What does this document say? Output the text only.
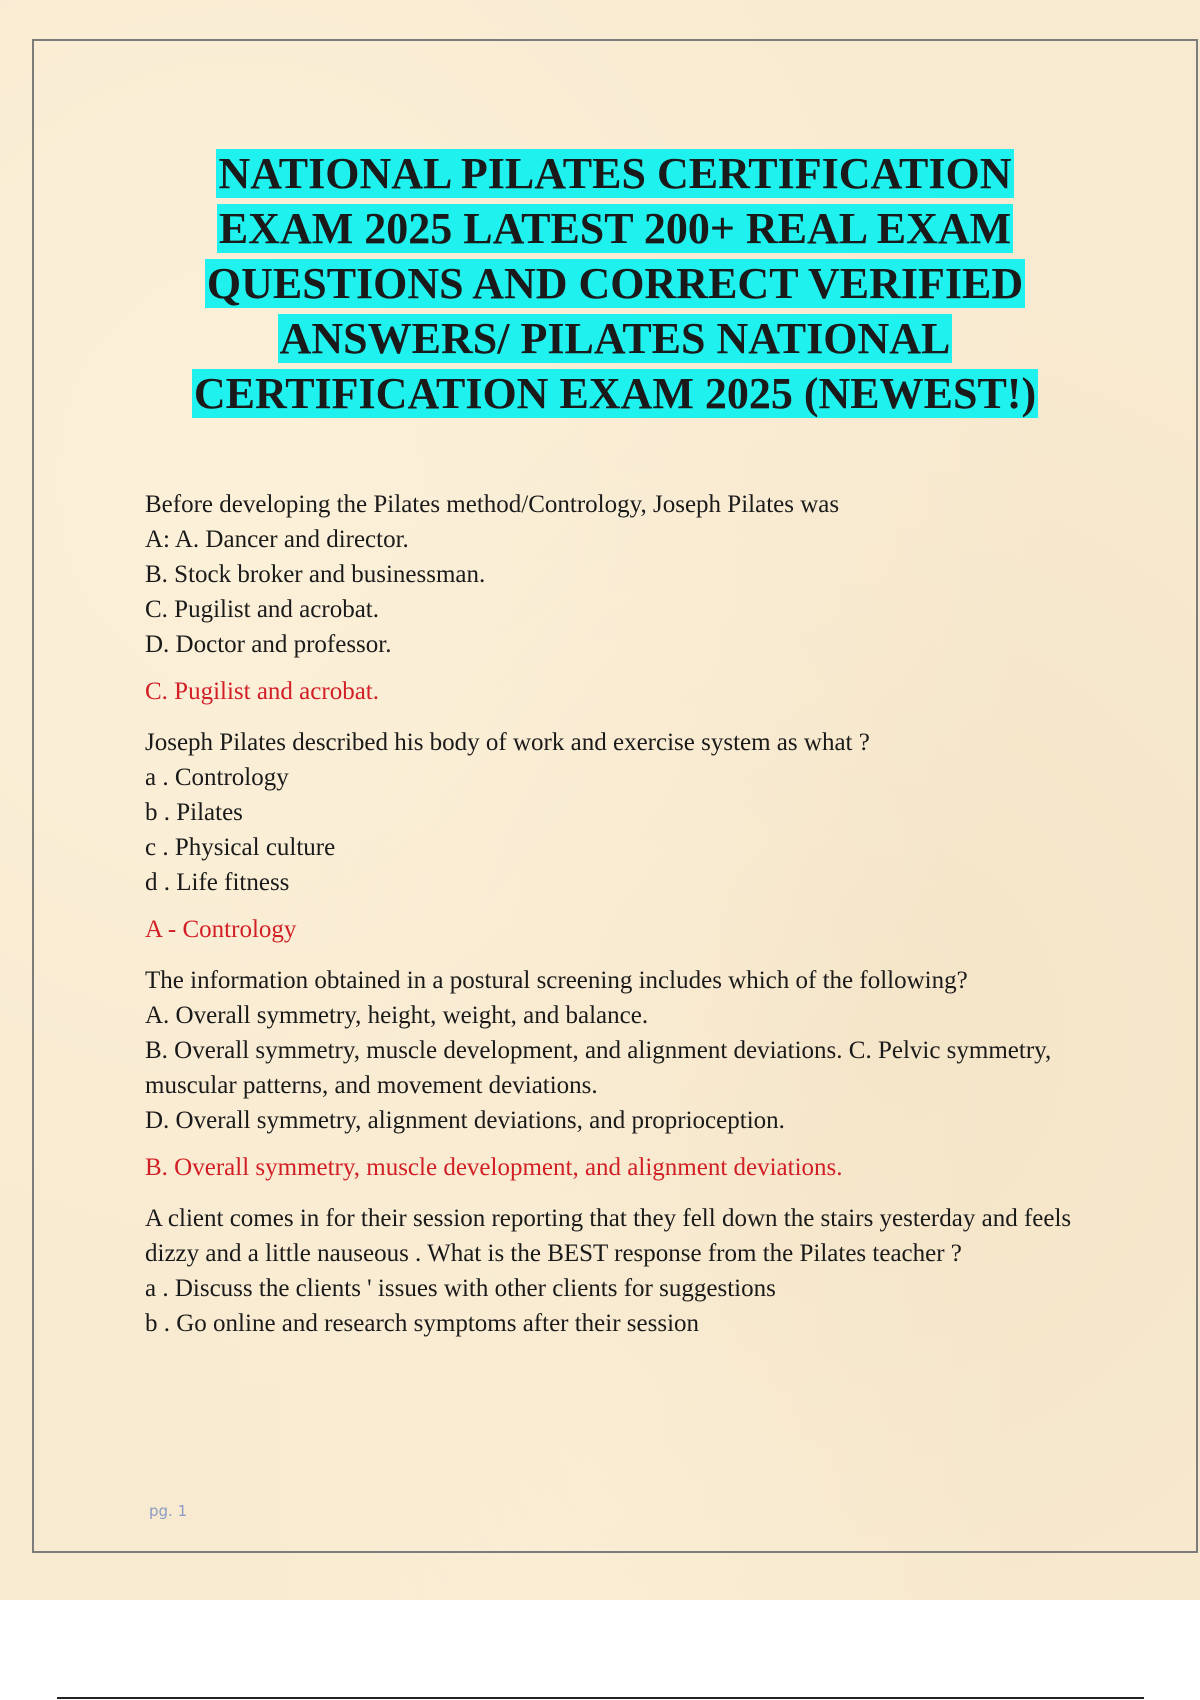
NATIONAL PILATES CERTIFICATION
EXAM 2025 LATEST 200+ REAL EXAM
QUESTIONS AND CORRECT VERIFIED
ANSWERS/ PILATES NATIONAL
CERTIFICATION EXAM 2025 (NEWEST!)

Before developing the Pilates method/Contrology, Joseph Pilates was

A: A. Dancer and director.

B. Stock broker and businessman.

C. Pugilist and acrobat.

D. Doctor and professor.

C. Pugilist and acrobat.

Joseph Pilates described his body of work and exercise system as what ?

a . Contrology

b . Pilates

c . Physical culture

d . Life fitness

A - Contrology

The information obtained in a postural screening includes which of the following?

A. Overall symmetry, height, weight, and balance.

B. Overall symmetry, muscle development, and alignment deviations. C. Pelvic symmetry, muscular patterns, and movement deviations.

D. Overall symmetry, alignment deviations, and proprioception.

B. Overall symmetry, muscle development, and alignment deviations.

A client comes in for their session reporting that they fell down the stairs yesterday and feels dizzy and a little nauseous . What is the BEST response from the Pilates teacher ?

a . Discuss the clients ' issues with other clients for suggestions

b . Go online and research symptoms after their session

pg. 1
